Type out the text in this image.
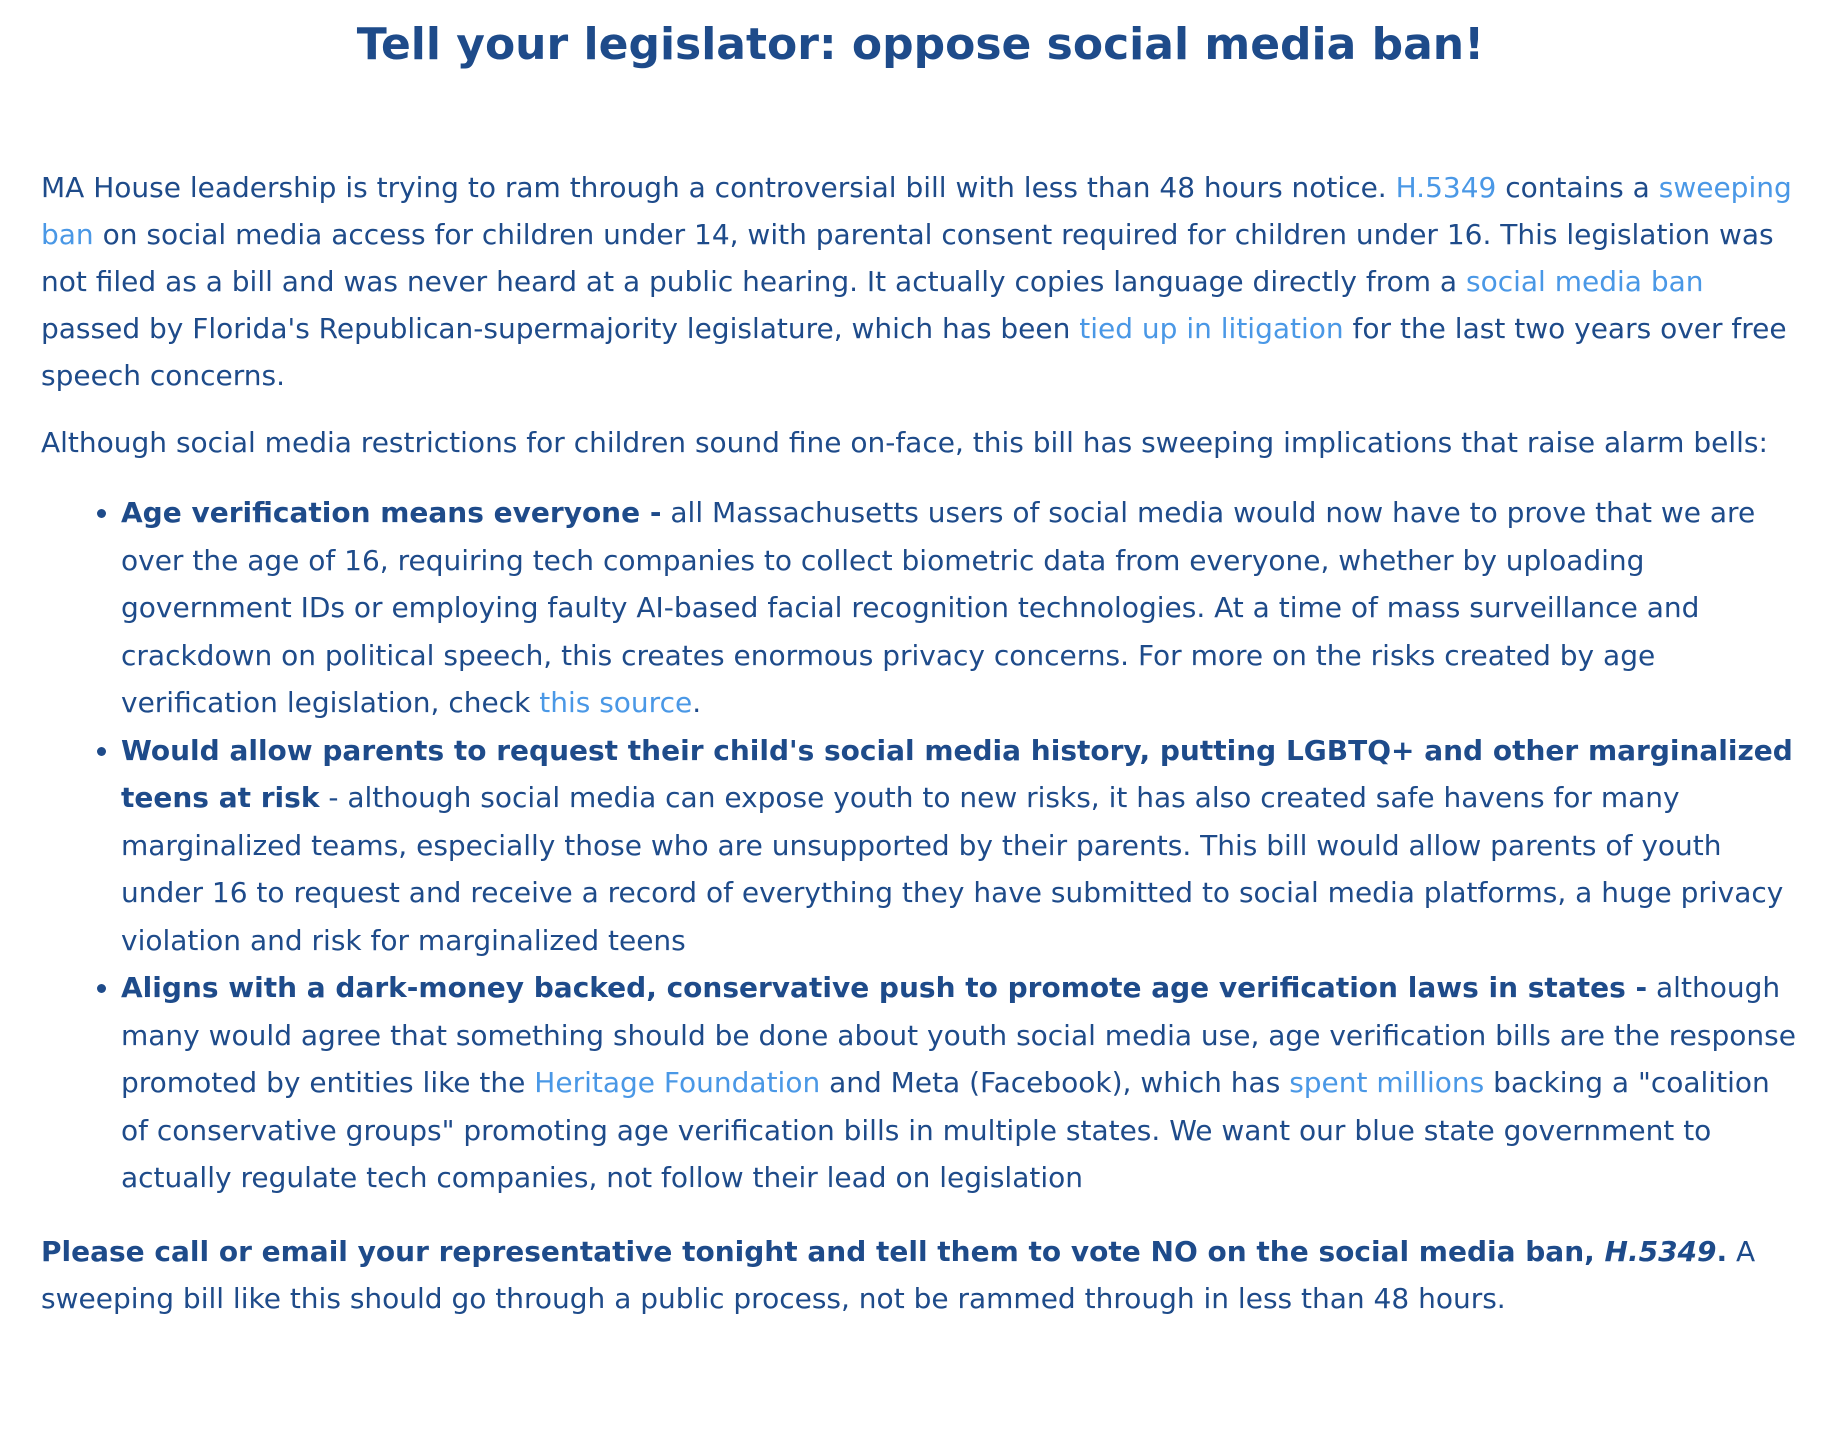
Tell your legislator: oppose social media ban!

MA House leadership is trying to ram through a controversial bill with less than 48 hours notice. H.5349 contains a sweeping ban on social media access for children under 14, with parental consent required for children under 16. This legislation was not filed as a bill and was never heard at a public hearing. It actually copies language directly from a social media ban passed by Florida's Republican-supermajority legislature, which has been tied up in litigation for the last two years over free speech concerns.

Although social media restrictions for children sound fine on-face, this bill has sweeping implications that raise alarm bells:

• Age verification means everyone - all Massachusetts users of social media would now have to prove that we are over the age of 16, requiring tech companies to collect biometric data from everyone, whether by uploading government IDs or employing faulty AI-based facial recognition technologies. At a time of mass surveillance and crackdown on political speech, this creates enormous privacy concerns. For more on the risks created by age verification legislation, check this source.
• Would allow parents to request their child's social media history, putting LGBTQ+ and other marginalized teens at risk - although social media can expose youth to new risks, it has also created safe havens for many marginalized teams, especially those who are unsupported by their parents. This bill would allow parents of youth under 16 to request and receive a record of everything they have submitted to social media platforms, a huge privacy violation and risk for marginalized teens
• Aligns with a dark-money backed, conservative push to promote age verification laws in states - although many would agree that something should be done about youth social media use, age verification bills are the response promoted by entities like the Heritage Foundation and Meta (Facebook), which has spent millions backing a "coalition of conservative groups" promoting age verification bills in multiple states. We want our blue state government to actually regulate tech companies, not follow their lead on legislation

Please call or email your representative tonight and tell them to vote NO on the social media ban, H.5349. A sweeping bill like this should go through a public process, not be rammed through in less than 48 hours.
